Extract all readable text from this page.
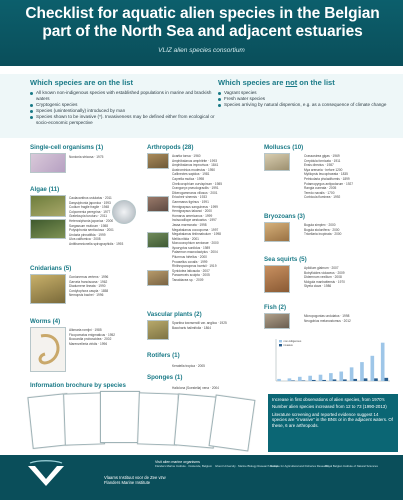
Checklist for aquatic alien species in the Belgian part of the North Sea and adjacent estuaries
VLIZ alien species consortium
Which species are on the list
All known non-indigenous species with established populations in marine and brackish waters
Cryptogenic species
Species (unintentionally) introduced by man
Species shown to be invasive (*). Invasiveness may be defined either from ecological or socio-economic perspective
Which species are not on the list
Vagrant species
Fresh water species
Species arriving by natural dispersion, e.g. as a consequence of climate change
Single-cell organisms (1)
Nonionia stricosa · 1975
Algae (11)
Caulacanthus ustulatus · 2011
Dasysiphonia japonica · 1993
Codium fragile fragile · 1948
Colpomenia peregrina · 1977
Grateloupia turuturu · 2011
Heterosiphonia japonica · 2000
Sargassum muticum · 1988
Polysiphonia senticulosa · 2001
Undaria pinnatifida · 1999
Ulva californica · 2008
Antithamnionella spirographidis · 1993
Cnidarians (5)
Gonionemus vertens · 1996
Garveia franciscana · 1962
Diadumene lineata · 1990
Cordylophora caspia · 1858
Nemopsis bachei · 1996
Worms (4)
Alkmaria romijni · 1985
Ficopomatus enigmaticus · 1952
Boccardia proboscidea · 2002
Marenzelleria viridis · 1996
Arthropods (28)
Acartia tonsa · 1960
Amphibalanus amphitrite · 1993
Amphibalanus improvisus · 1841
Austrominius modestus · 1950
Callinectes sapidus · 1981
Caprella mutica · 1998
Chelicorophium curvispinum · 1985
Crangonyx pseudogracilis · 1991
Dikerogammarus villosus · 2001
Eriocheir sinensis · 1933
Gammarus tigrinus · 1991
Hemigrapsus sanguineus · 1999
Hemigrapsus takanoi · 2000
Homarus americanus · 1999
Incisocalliope aestuarius · 1997
Jassa marmorata · 1998
Megabalanus coccopoma · 1997
Megabalanus tintinnabulum · 1998
Melita nitida · 2001
Monocorophium sextonae · 2000
Ilyocryptus sordidus · 1989
Palaemon macrodactylus · 2004
Pilumnus hirtellus · 2000
Proasellus coxalis · 1999
Rhithropanopeus harrisii · 1919
Synidotea laticauda · 2007
Paracerceis sculpta · 2005
Tanaidacea sp. · 2009
Vascular plants (2)
Spartina townsendii var. anglica · 1925
Baccharis halimifolia · 1864
Rotifers (1)
Keratella tropica · 2005
Sponges (1)
Haliclona (Soestella) xena · 2004
Molluscs (10)
Crassostrea gigas · 1969
Crepidula fornicata · 1911
Ensis directus · 1987
Mya arenaria · before 1200
Mytilopsis leucophaeata · 1835
Petricolaria pholadiformis · 1899
Potamopyrgus antipodarum · 1927
Rangia cuneata · 2005
Teredo navalis · 1700
Corbicula fluminea · 1992
Bryozoans (3)
Bugula simplex · 2000
Bugula stolonifera · 2000
Tricellaria inopinata · 2000
Sea squirts (5)
Aplidium glabrum · 2007
Botrylloides violaceus · 2009
Didemnum vexillum · 2008
Molgula manhattensis · 1970
Styela clava · 1986
Fish (2)
Micropogonias undulatus · 1998
Neogobius melanostomus · 2012
non-indigenous
invasive

Increase in first observations of alien species, from 1970's

Number alien species increased from 12 to 73 (1990-2013)

Literature screening and reported evidence suggest 14 species are "invasive" in the BNS or in the adjacent waters. Of these, 6 are arthropods.

Information brochure by species
Vlaams Instituut voor de Zee vzw
Flanders Marine Institute
Visit alien marine organisms
Flanders Marine Institute · Oostende, Belgium	Ghent University · Marine Biology Research Group
Institute for Agricultural and Fisheries Research
Royal Belgian Institute of Natural Sciences
